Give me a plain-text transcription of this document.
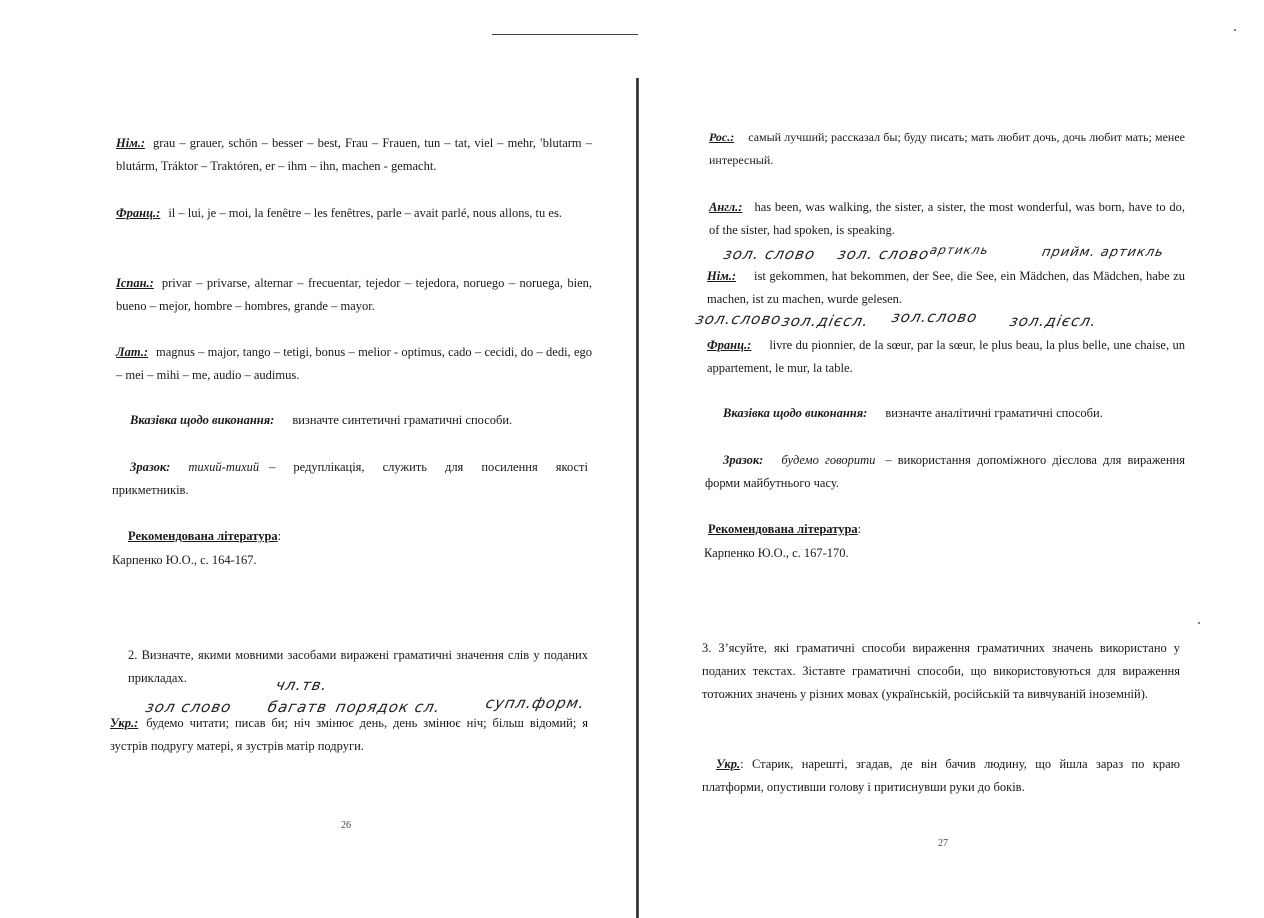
Нім.: grau – grauer, schön – besser – best, Frau – Frauen, tun – tat, viel – mehr, ′blutarm – blutárm, Tráktor – Traktóren, er – ihm – ihn, machen - gemacht.
Франц.: il – lui, je – moi, la fenêtre – les fenêtres, parle – avait parlé, nous allons, tu es.
Іспан.: privar – privarse, alternar – frecuentar, tejedor – tejedora, noruego – noruega, bien, bueno – mejor, hombre – hombres, grande – mayor.
Лат.: magnus – major, tango – tetigi, bonus – melior - optimus, cado – cecidi, do – dedi, ego – mei – mihi – me, audio – audimus.
Вказівка щодо виконання: визначте синтетичні граматичні способи.
Зразок: тихий-тихий – редуплікація, служить для посилення якості прикметників.
Рекомендована література:
Карпенко Ю.О., с. 164-167.
2. Визначте, якими мовними засобами виражені граматичні значення слів у поданих прикладах.
Укр.: будемо читати; писав би; ніч змінює день, день змінює ніч; більш відомий; я зустрів подругу матері, я зустрів матір подруги.
26
чл.тв.
зол слово багатв порядок сл.	супл.форм.
Рос.: самый лучший; рассказал бы; буду писать; мать любит дочь, дочь любит мать; менее интересный.
Англ.: has been, was walking, the sister, a sister, the most wonderful, was born, have to do, of the sister, had spoken, is speaking.
Нім.: ist gekommen, hat bekommen, der See, die See, ein Mädchen, das Mädchen, habe zu machen, ist zu machen, wurde gelesen.
Франц.: livre du pionnier, de la sœur, par la sœur, le plus beau, la plus belle, une chaise, un appartement, le mur, la table.
Вказівка щодо виконання: визначте аналітичні граматичні способи.
Зразок: будемо говорити – використання допоміжного дієслова для вираження форми майбутнього часу.
Рекомендована література:
Карпенко Ю.О., с. 167-170.
3. З’ясуйте, які граматичні способи вираження граматичних значень використано у поданих текстах. Зіставте граматичні способи, що використовуються для вираження тотожних значень у різних мовах (українській, російській та вивчуваній іноземній).
Укр.: Старик, нарешті, згадав, де він бачив людину, що йшла зараз по краю платформи, опустивши голову і притиснувши руки до боків.
27
зол. слово зол. слово
артикль	прийм. артикль
зол.слово	зол.слово
зол.дієсл.	зол.дієсл.
